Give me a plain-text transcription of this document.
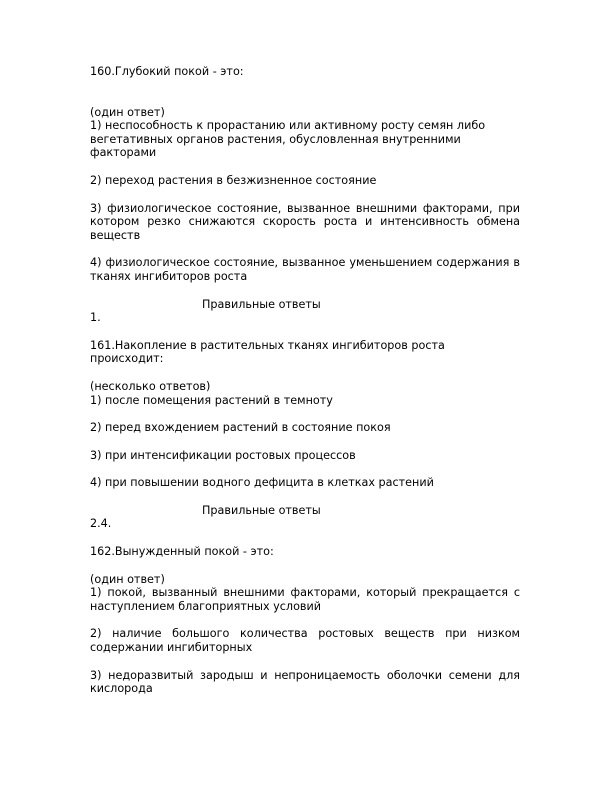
160.Глубокий покой - это:

(один ответ)

1) неспособность к прорастанию или активному росту семян либо вегетативных органов растения, обусловленная внутренними факторами

2) переход растения в безжизненное состояние

3) физиологическое состояние, вызванное внешними факторами, при котором резко снижаются скорость роста и интенсивность обмена веществ

4) физиологическое состояние, вызванное уменьшением содержания в тканях ингибиторов роста

Правильные ответы

1.

161.Накопление в растительных тканях ингибиторов роста происходит:

(несколько ответов)

1) после помещения растений в темноту

2) перед вхождением растений в состояние покоя

3) при интенсификации ростовых процессов

4) при повышении водного дефицита в клетках растений

Правильные ответы

2.4.

162.Вынужденный покой - это:

(один ответ)

1) покой, вызванный внешними факторами, который прекращается с наступлением благоприятных условий

2) наличие большого количества ростовых веществ при низком содержании ингибиторных

3) недоразвитый зародыш и непроницаемость оболочки семени для кислорода
